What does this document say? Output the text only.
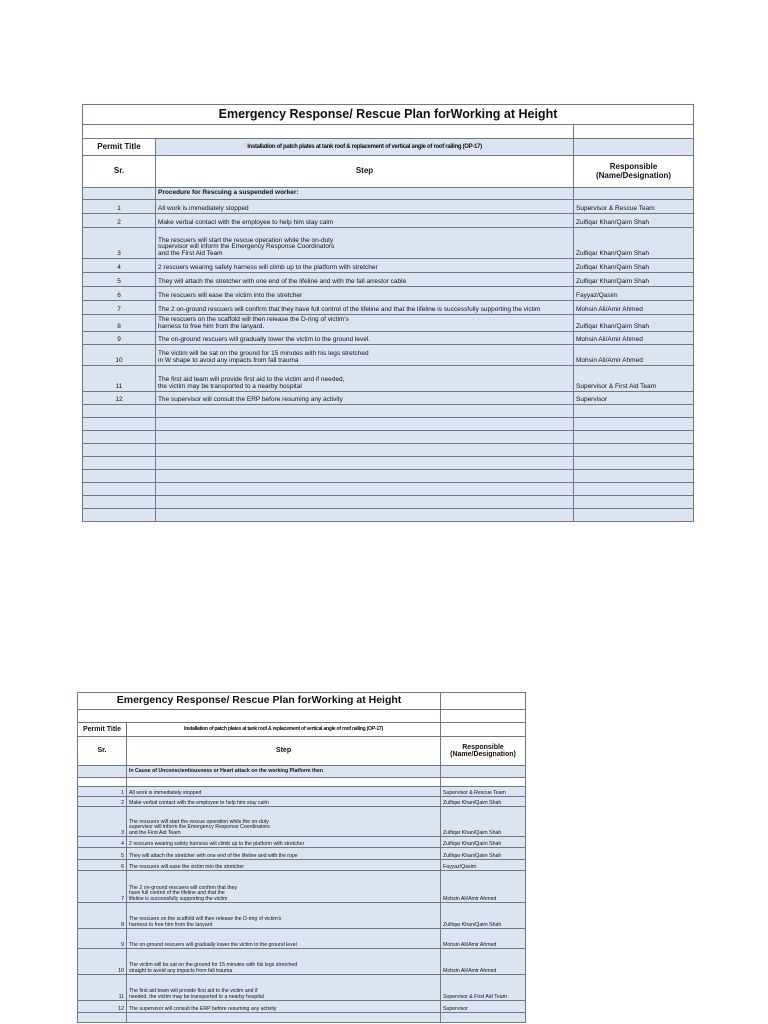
Emergency Response/ Rescue Plan forWorking at Height		

Permit Title	Installation of patch plates at tank roof & replacement of vertical angle of roof railing (OP-17)	
Sr.	Step	Responsible
(Name/Designation)
	Procedure for Rescuing a suspended worker:	
1	All work is immediately stopped	Supervisor & Rescue Team
2	Make verbal contact with the employee to help him stay calm	Zulfiqar Khan/Qaim Shah
3	The rescuers will start the rescue operation while the on-duty
supervisor will inform the Emergency Response Coordinators
and the First Aid Team	Zulfiqar Khan/Qaim Shah
4	2 rescuers wearing safety harness will climb up to the platform with stretcher	Zulfiqar Khan/Qaim Shah
5	They will attach the stretcher with one end of the lifeline and with the fall arrestor cable	Zulfiqar Khan/Qaim Shah
6	The rescuers will ease the victim into the stretcher	Fayyaz/Qasim
7	The 2 on-ground rescuers will confirm that they have full control of the lifeline and that the lifeline is successfully supporting the victim	Mohsin Ali/Amir Ahmed
8	The rescuers on the scaffold will then release the D-ring of victim's
harness to free him from the lanyard.	Zulfiqar Khan/Qaim Shah
9	The on-ground rescuers will gradually lower the victim to the ground level.	Mohsin Ali/Amir Ahmed
10	The victim will be sat on the ground for 15 minutes with his legs stretched
in W shape to avoid any impacts from fall trauma	Mohsin Ali/Amir Ahmed
11	The first aid team will provide first aid to the victim and if needed,
the victim may be transported to a nearby hospital	Supervisor & First Aid Team
12	The supervisor will consult the ERP before resuming any activity	Supervisor

Emergency Response/ Rescue Plan forWorking at Height		

Permit Title	Installation of patch plates at tank roof & replacement of vertical angle of roof railing (OP-17)	
Sr.	Step	Responsible
(Name/Designation)
	In Cause of Unconscientiousness or Heart attack on the working Platform then	

1	All work is immediately stopped	Supervisor & Rescue Team
2	Make verbal contact with the employee to help him stay calm	Zulfiqar Khan/Qaim Shah
3	The rescuers will start the rescue operation while the on-duty
supervisor will inform the Emergency Response Coordinators
and the First Aid Team	Zulfiqar Khan/Qaim Shah
4	2 rescuers wearing safety harness will climb up to the platform with stretcher	Zulfiqar Khan/Qaim Shah
5	They will attach the stretcher with one end of the lifeline and with the rope	Zulfiqar Khan/Qaim Shah
6	The rescuers will ease the victim into the stretcher	Fayyaz/Qasim
7	The 2 on-ground rescuers will confirm that they
have full control of the lifeline and that the
lifeline is successfully supporting the victim	Mohsin Ali/Amir Ahmed
8	The rescuers on the scaffold will then release the D-ring of victim's
harness to free him from the lanyard	Zulfiqar Khan/Qaim Shah
9	The on-ground rescuers will gradually lower the victim to the ground level	Mohsin Ali/Amir Ahmed
10	The victim will be sat on the ground for 15 minutes with his legs stretched
straight to avoid any impacts from fall trauma	Mohsin Ali/Amir Ahmed
11	The first aid team will provide first aid to the victim and if
needed, the victim may be transported to a nearby hospital	Supervisor & First Aid Team
12	The supervisor will consult the ERP before resuming any activity	Supervisor
